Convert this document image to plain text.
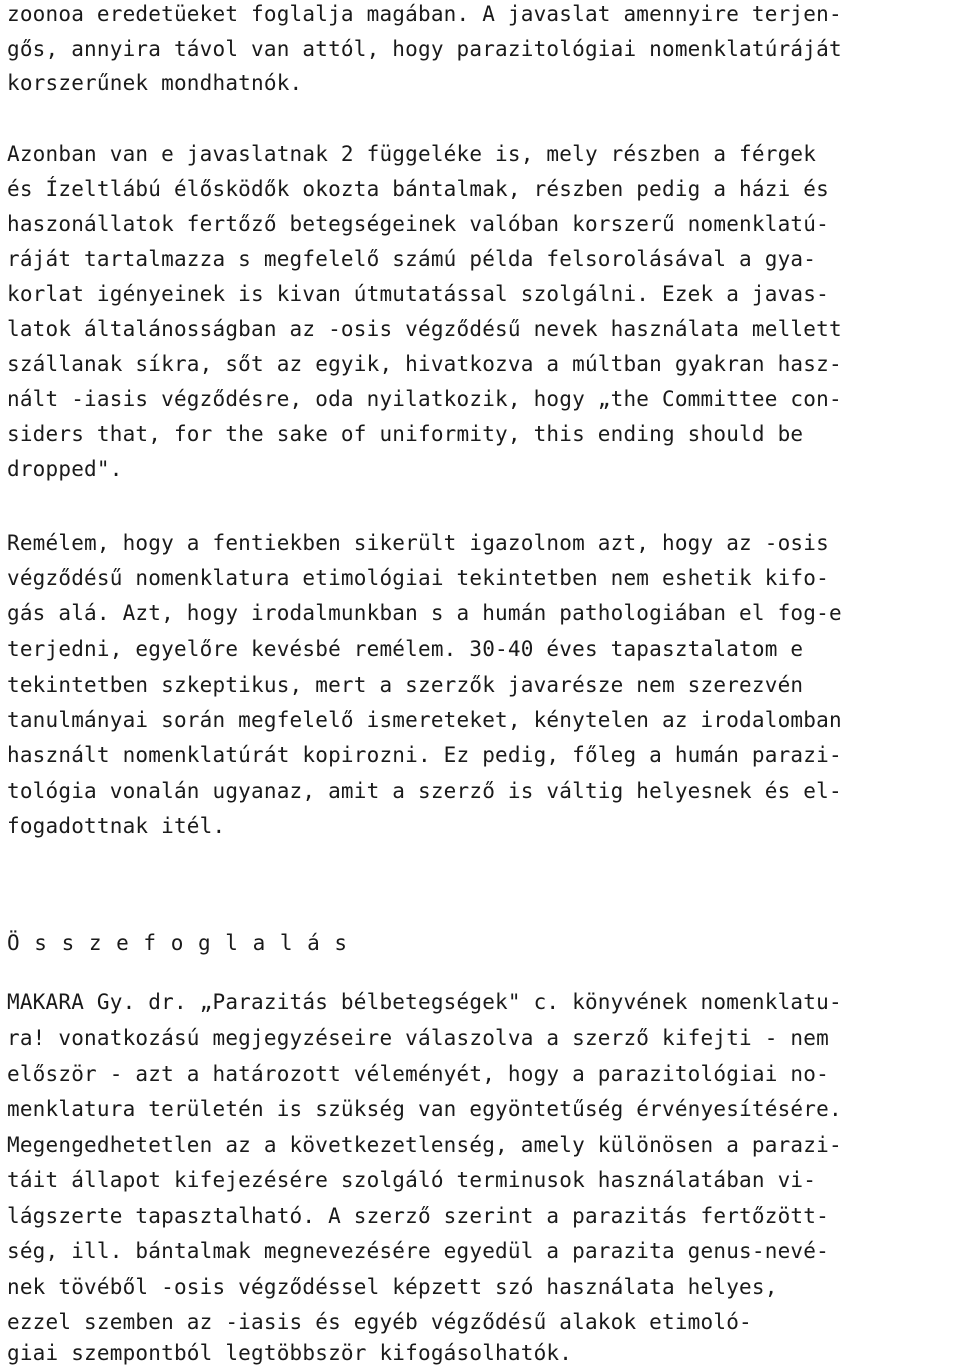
zoonoa eredetüeket foglalja magában. A javaslat amennyire terjen-
gős, annyira távol van attól, hogy parazitológiai nomenklatúráját
korszerűnek mondhatnók.
Azonban van e javaslatnak 2 függeléke is, mely részben a férgek
és Ízeltlábú élősködők okozta bántalmak, részben pedig a házi és
haszonállatok fertőző betegségeinek valóban korszerű nomenklatú-
ráját tartalmazza s megfelelő számú példa felsorolásával a gya-
korlat igényeinek is kivan útmutatással szolgálni. Ezek a javas-
latok általánosságban az -osis végződésű nevek használata mellett
szállanak síkra, sőt az egyik, hivatkozva a múltban gyakran hasz-
nált -iasis végződésre, oda nyilatkozik, hogy „the Committee con-
siders that, for the sake of uniformity, this ending should be
dropped".
Remélem, hogy a fentiekben sikerült igazolnom azt, hogy az -osis
végződésű nomenklatura etimológiai tekintetben nem eshetik kifo-
gás alá. Azt, hogy irodalmunkban s a humán pathologiában el fog-e
terjedni, egyelőre kevésbé remélem. 30-40 éves tapasztalatom e
tekintetben szkeptikus, mert a szerzők javarésze nem szerezvén
tanulmányai során megfelelő ismereteket, kénytelen az irodalomban
használt nomenklatúrát kopirozni. Ez pedig, főleg a humán parazi-
tológia vonalán ugyanaz, amit a szerző is váltig helyesnek és el-
fogadottnak itél.
Ö s s z e f o g l a l á s
MAKARA Gy. dr. „Parazitás bélbetegségek" c. könyvének nomenklatu-
ra! vonatkozású megjegyzéseire válaszolva a szerző kifejti - nem
először - azt a határozott véleményét, hogy a parazitológiai no-
menklatura területén is szükség van egyöntetűség érvényesítésére.
Megengedhetetlen az a következetlenség, amely különösen a parazi-
táit állapot kifejezésére szolgáló terminusok használatában vi-
lágszerte tapasztalható. A szerző szerint a parazitás fertőzött-
ség, ill. bántalmak megnevezésére egyedül a parazita genus-nevé-
nek tövéből -osis végződéssel képzett szó használata helyes,
ezzel szemben az -iasis és egyéb végződésű alakok etimoló-
giai szempontból legtöbbször kifogásolhatók.
